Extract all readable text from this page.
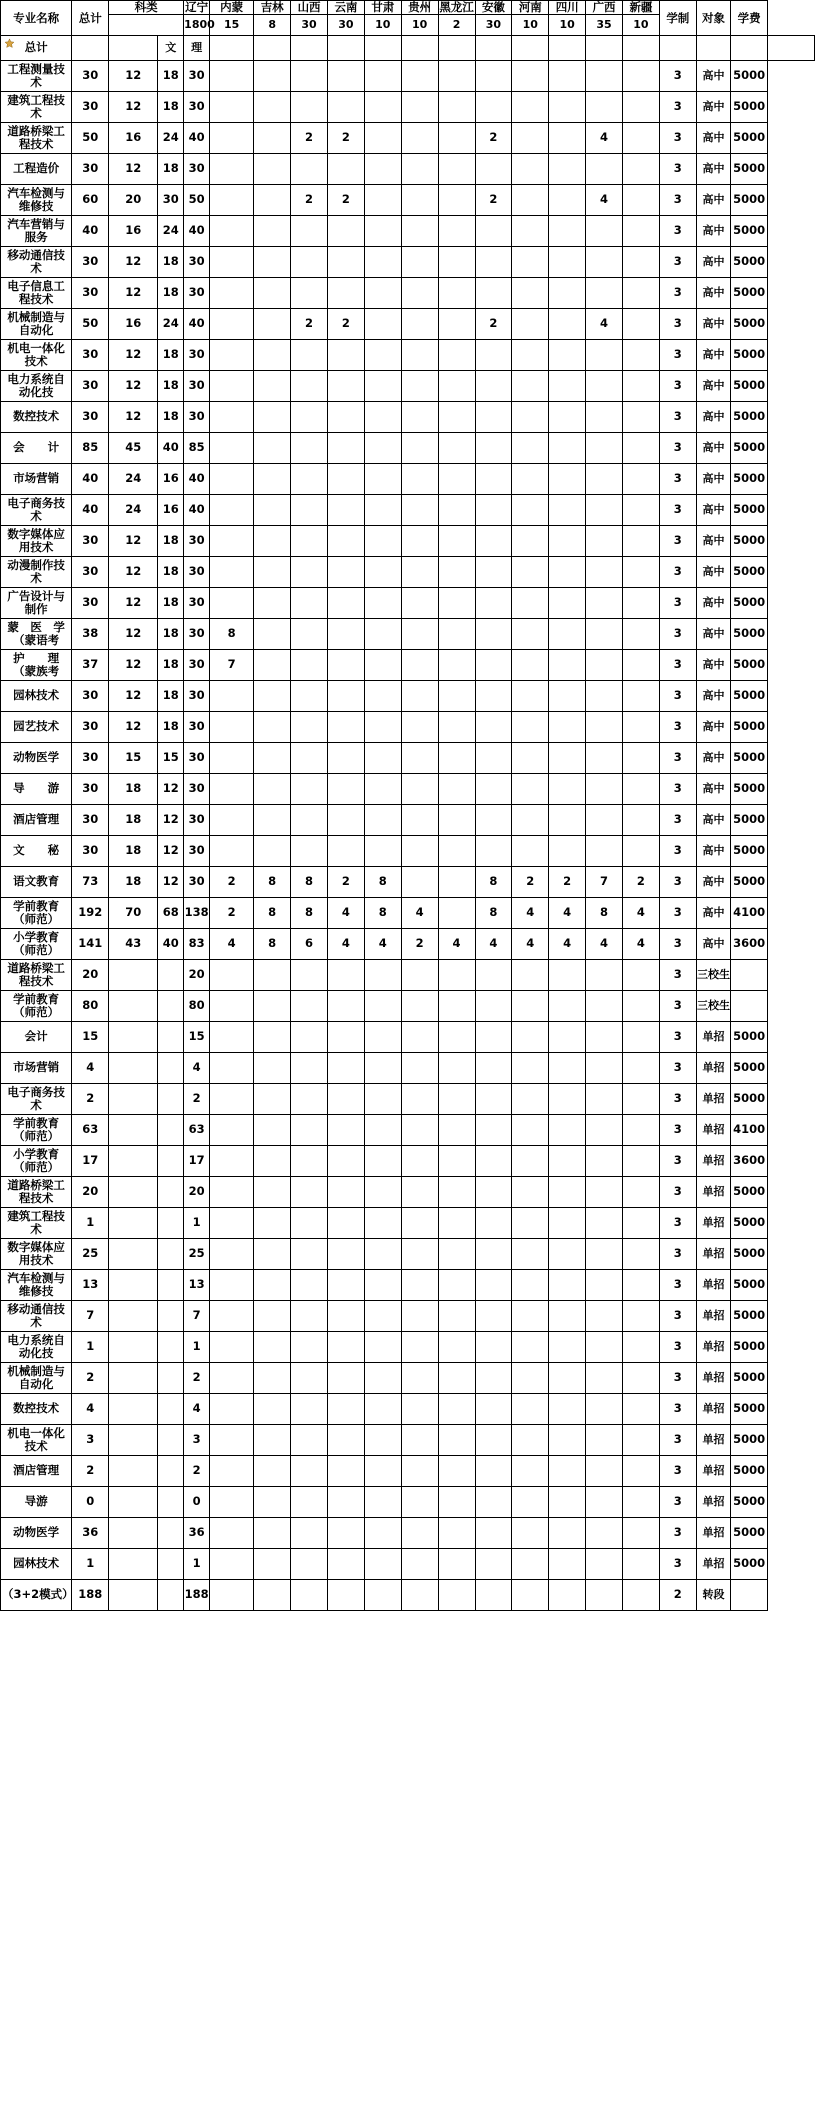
专业名称	总计	科类		辽宁	内蒙	吉林	山西	云南	甘肃	贵州	黑龙江	安徽	河南	四川	广西	新疆	学制	对象	学费	
				1800	15	8	30	30	10	10	2	30	10	10	35	10				

总计			文	理																
工程测量技术	30	12	18	30													3	高中	5000	
建筑工程技术	30	12	18	30													3	高中	5000	
道路桥梁工程技术	50	16	24	40			2	2				2			4		3	高中	5000	
工程造价	30	12	18	30													3	高中	5000	
汽车检测与维修技	60	20	30	50			2	2				2			4		3	高中	5000	
汽车营销与服务	40	16	24	40													3	高中	5000	
移动通信技术	30	12	18	30													3	高中	5000	
电子信息工程技术	30	12	18	30													3	高中	5000	
机械制造与自动化	50	16	24	40			2	2				2			4		3	高中	5000	
机电一体化技术	30	12	18	30													3	高中	5000	
电力系统自动化技	30	12	18	30													3	高中	5000	
数控技术	30	12	18	30													3	高中	5000	
会　　计	85	45	40	85													3	高中	5000	
市场营销	40	24	16	40													3	高中	5000	
电子商务技术	40	24	16	40													3	高中	5000	
数字媒体应用技术	30	12	18	30													3	高中	5000	
动漫制作技术	30	12	18	30													3	高中	5000	
广告设计与制作	30	12	18	30													3	高中	5000	
蒙　医　学（蒙语考	38	12	18	30	8												3	高中	5000	
护　　理（蒙族考	37	12	18	30	7												3	高中	5000	
园林技术	30	12	18	30													3	高中	5000	
园艺技术	30	12	18	30													3	高中	5000	
动物医学	30	15	15	30													3	高中	5000	
导　　游	30	18	12	30													3	高中	5000	
酒店管理	30	18	12	30													3	高中	5000	
文　　秘	30	18	12	30													3	高中	5000	
语文教育	73	18	12	30	2	8	8	2	8			8	2	2	7	2	3	高中	5000	
学前教育（师范）	192	70	68	138	2	8	8	4	8	4		8	4	4	8	4	3	高中	4100	
小学教育（师范）	141	43	40	83	4	8	6	4	4	2	4	4	4	4	4	4	3	高中	3600	
道路桥梁工程技术	20			20													3	三校生		
学前教育（师范）	80			80													3	三校生		
会计	15			15													3	单招	5000	
市场营销	4			4													3	单招	5000	
电子商务技术	2			2													3	单招	5000	
学前教育（师范）	63			63													3	单招	4100	
小学教育（师范）	17			17													3	单招	3600	
道路桥梁工程技术	20			20													3	单招	5000	
建筑工程技术	1			1													3	单招	5000	
数字媒体应用技术	25			25													3	单招	5000	
汽车检测与维修技	13			13													3	单招	5000	
移动通信技术	7			7													3	单招	5000	
电力系统自动化技	1			1													3	单招	5000	
机械制造与自动化	2			2													3	单招	5000	
数控技术	4			4													3	单招	5000	
机电一体化技术	3			3													3	单招	5000	
酒店管理	2			2													3	单招	5000	
导游	0			0													3	单招	5000	
动物医学	36			36													3	单招	5000	
园林技术	1			1													3	单招	5000	
（3+2模式）	188			188													2	转段		
